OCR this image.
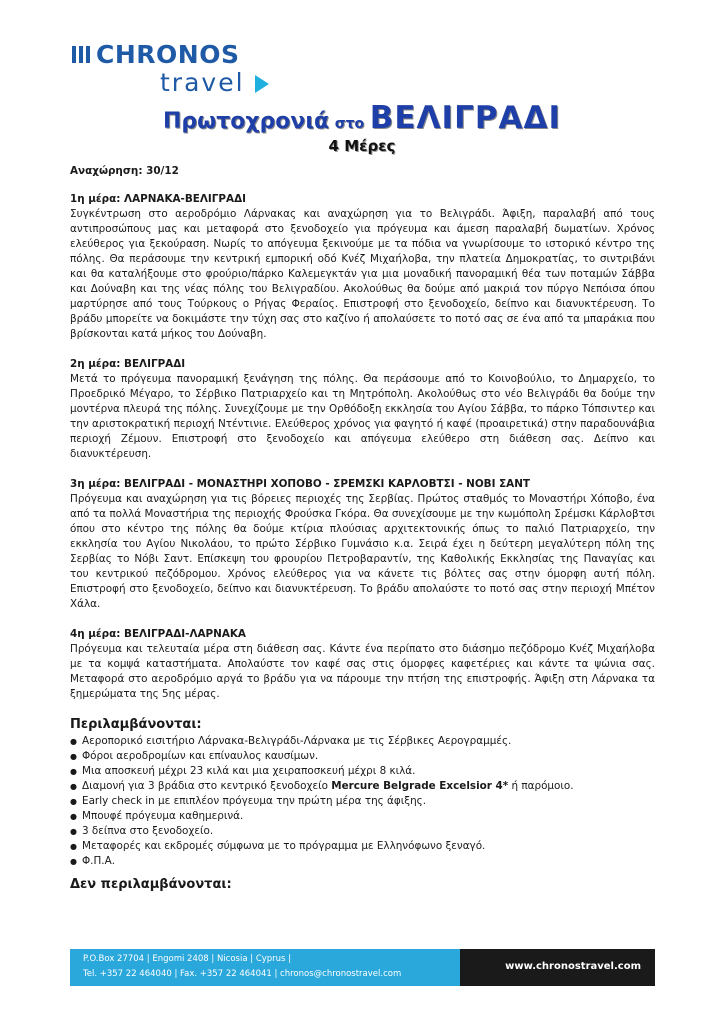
CHRONOS
travel
Πρωτοχρονιά στο ΒΕΛΙΓΡΑΔΙ
4 Μέρες
Αναχώρηση: 30/12
1η μέρα: ΛΑΡΝΑΚΑ-ΒΕΛΙΓΡΑΔΙ
Συγκέντρωση στο αεροδρόμιο Λάρνακας και αναχώρηση για το Βελιγράδι. Άφιξη, παραλαβή από τους αντιπροσώπους μας και μεταφορά στο ξενοδοχείο για πρόγευμα και άμεση παραλαβή δωματίων. Χρόνος ελεύθερος για ξεκούραση. Νωρίς το απόγευμα ξεκινούμε με τα πόδια να γνωρίσουμε το ιστορικό κέντρο της πόλης. Θα περάσουμε την κεντρική εμπορική οδό Κνέζ Μιχαήλοβα, την πλατεία Δημοκρατίας, το σιντριβάνι και θα καταλήξουμε στο φρούριο/πάρκο Καλεμεγκτάν για μια μοναδική πανοραμική θέα των ποταμών Σάββα και Δούναβη και της νέας πόλης του Βελιγραδίου. Ακολούθως θα δούμε από μακριά τον πύργο Νεπόισα όπου μαρτύρησε από τους Τούρκους ο Ρήγας Φεραίος. Επιστροφή στο ξενοδοχείο, δείπνο και διανυκτέρευση. Το βράδυ μπορείτε να δοκιμάστε την τύχη σας στο καζίνο ή απολαύσετε το ποτό σας σε ένα από τα μπαράκια που βρίσκονται κατά μήκος του Δούναβη.
2η μέρα: ΒΕΛΙΓΡΑΔΙ
Μετά το πρόγευμα πανοραμική ξενάγηση της πόλης. Θα περάσουμε από το Κοινοβούλιο, το Δημαρχείο, το Προεδρικό Μέγαρο, το Σέρβικο Πατριαρχείο και τη Μητρόπολη. Ακολούθως στο νέο Βελιγράδι θα δούμε την μοντέρνα πλευρά της πόλης. Συνεχίζουμε με την Ορθόδοξη εκκλησία του Αγίου Σάββα, το πάρκο Τόπσιντερ και την αριστοκρατική περιοχή Ντέντινιε. Ελεύθερος χρόνος για φαγητό ή καφέ (προαιρετικά) στην παραδουνάβια περιοχή Ζέμουν. Επιστροφή στο ξενοδοχείο και απόγευμα ελεύθερο στη διάθεση σας. Δείπνο και διανυκτέρευση.
3η μέρα: ΒΕΛΙΓΡΑΔΙ - ΜΟΝΑΣΤΗΡΙ ΧΟΠΟΒΟ - ΣΡΕΜΣΚΙ ΚΑΡΛΟΒΤΣΙ - ΝΟΒΙ ΣΑΝΤ
Πρόγευμα και αναχώρηση για τις βόρειες περιοχές της Σερβίας. Πρώτος σταθμός το Μοναστήρι Χόποβο, ένα από τα πολλά Μοναστήρια της περιοχής Φρούσκα Γκόρα. Θα συνεχίσουμε με την κωμόπολη Σρέμσκι Κάρλοβτσι όπου στο κέντρο της πόλης θα δούμε κτίρια πλούσιας αρχιτεκτονικής όπως το παλιό Πατριαρχείο, την εκκλησία του Αγίου Νικολάου, το πρώτο Σέρβικο Γυμνάσιο κ.α. Σειρά έχει η δεύτερη μεγαλύτερη πόλη της Σερβίας το Νόβι Σαντ. Επίσκεψη του φρουρίου Πετροβαραντίν, της Καθολικής Εκκλησίας της Παναγίας και του κεντρικού πεζόδρομου. Χρόνος ελεύθερος για να κάνετε τις βόλτες σας στην όμορφη αυτή πόλη. Επιστροφή στο ξενοδοχείο, δείπνο και διανυκτέρευση. Το βράδυ απολαύστε το ποτό σας στην περιοχή Μπέτον Χάλα.
4η μέρα: ΒΕΛΙΓΡΑΔΙ-ΛΑΡΝΑΚΑ
Πρόγευμα και τελευταία μέρα στη διάθεση σας. Κάντε ένα περίπατο στο διάσημο πεζόδρομο Κνέζ Μιχαήλοβα με τα κομψά καταστήματα. Απολαύστε τον καφέ σας στις όμορφες καφετέριες και κάντε τα ψώνια σας. Μεταφορά στο αεροδρόμιο αργά το βράδυ για να πάρουμε την πτήση της επιστροφής. Άφιξη στη Λάρνακα τα ξημερώματα της 5ης μέρας.
Περιλαμβάνονται:
● Αεροπορικό εισιτήριο Λάρνακα-Βελιγράδι-Λάρνακα με τις Σέρβικες Αερογραμμές.
● Φόροι αεροδρομίων και επίναυλος καυσίμων.
● Μια αποσκευή μέχρι 23 κιλά και μια χειραποσκευή μέχρι 8 κιλά.
● Διαμονή για 3 βράδια στο κεντρικό ξενοδοχείο Mercure Belgrade Excelsior 4* ή παρόμοιο.
● Early check in με επιπλέον πρόγευμα την πρώτη μέρα της άφιξης.
● Μπουφέ πρόγευμα καθημερινά.
● 3 δείπνα στο ξενοδοχείο.
● Μεταφορές και εκδρομές σύμφωνα με το πρόγραμμα με Ελληνόφωνο ξεναγό.
● Φ.Π.Α.
Δεν περιλαμβάνονται:
P.O.Box 27704 | Engomi 2408 | Nicosia | Cyprus |
Tel. +357 22 464040 | Fax. +357 22 464041 | chronos@chronostravel.com
www.chronostravel.com
